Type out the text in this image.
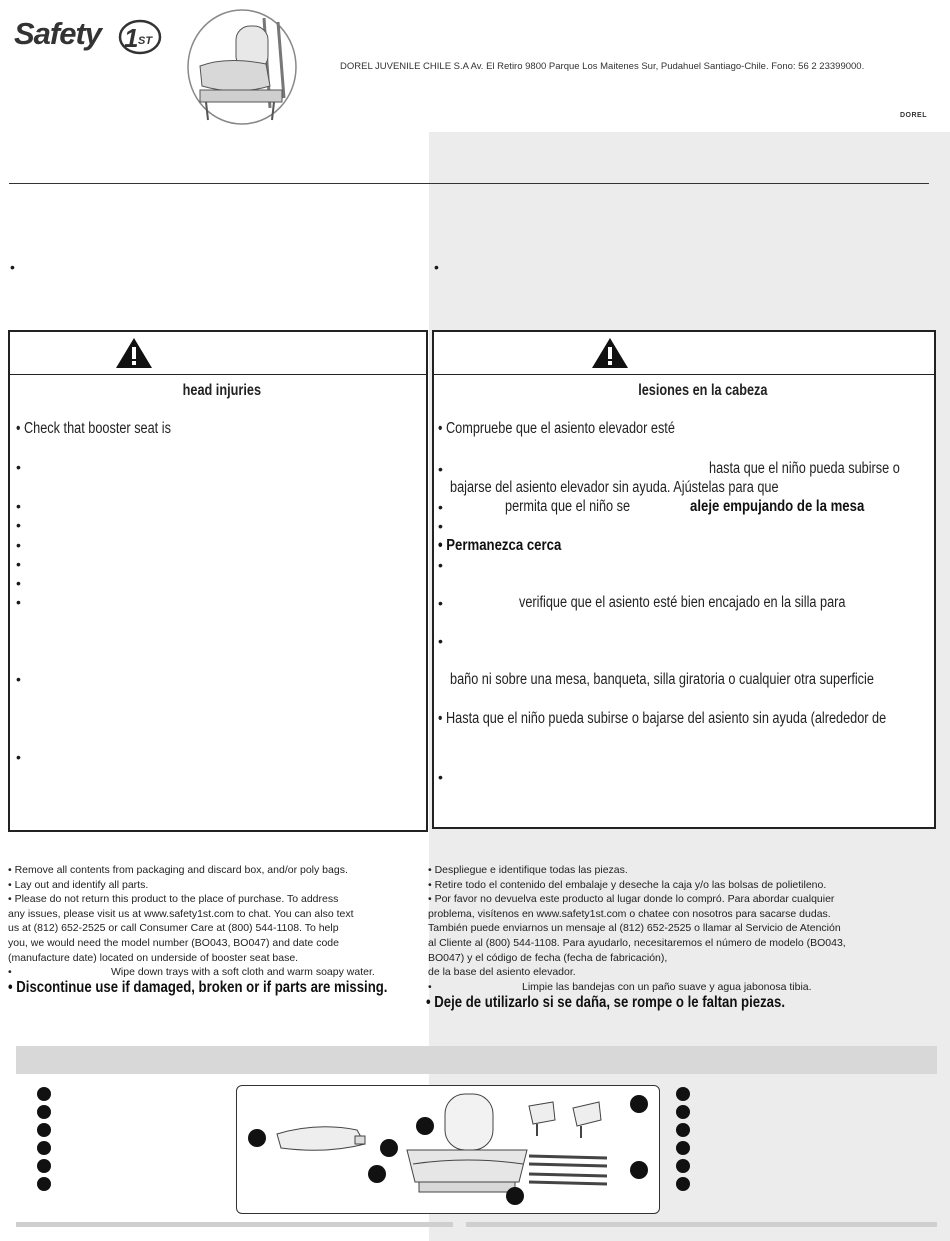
Safety 1 ST
DOREL JUVENILE CHILE S.A Av. El Retiro 9800 Parque Los Maitenes Sur, Pudahuel Santiago-Chile. Fono: 56 2 23399000.
DOREL
•	•
head injuries
• Check that booster seat is
•
•
•
•
•
•
•
•
•
lesiones en la cabeza
• Compruebe que el asiento elevador esté
•	hasta que el niño pueda subirse o
bajarse del asiento elevador sin ayuda. Ajústelas para que
•	permita que el niño se	aleje empujando de la mesa
•
• Permanezca cerca
•
•	verifique que el asiento esté bien encajado en la silla para
•
baño ni sobre una mesa, banqueta, silla giratoria o cualquier otra superficie
• Hasta que el niño pueda subirse o bajarse del asiento sin ayuda (alrededor de
•
• Remove all contents from packaging and discard box, and/or poly bags.
• Lay out and identify all parts.
• Please do not return this product to the place of purchase. To address
any issues, please visit us at www.safety1st.com to chat. You can also text
us at (812) 652-2525 or call Consumer Care at (800) 544-1108. To help
you, we would need the model number (BO043, BO047) and date code
(manufacture date) located on underside of booster seat base.
•	Wipe down trays with a soft cloth and warm soapy water.
• Discontinue use if damaged, broken or if parts are missing.
• Despliegue e identifique todas las piezas.
• Retire todo el contenido del embalaje y deseche la caja y/o las bolsas de polietileno.
• Por favor no devuelva este producto al lugar donde lo compró. Para abordar cualquier
problema, visítenos en www.safety1st.com o chatee con nosotros para sacarse dudas.
También puede enviarnos un mensaje al (812) 652-2525 o llamar al Servicio de Atención
al Cliente al (800) 544-1108. Para ayudarlo, necesitaremos el número de modelo (BO043,
BO047) y el código de fecha (fecha de fabricación),
de la base del asiento elevador.
•	Limpie las bandejas con un paño suave y agua jabonosa tibia.
• Deje de utilizarlo si se daña, se rompe o le faltan piezas.
